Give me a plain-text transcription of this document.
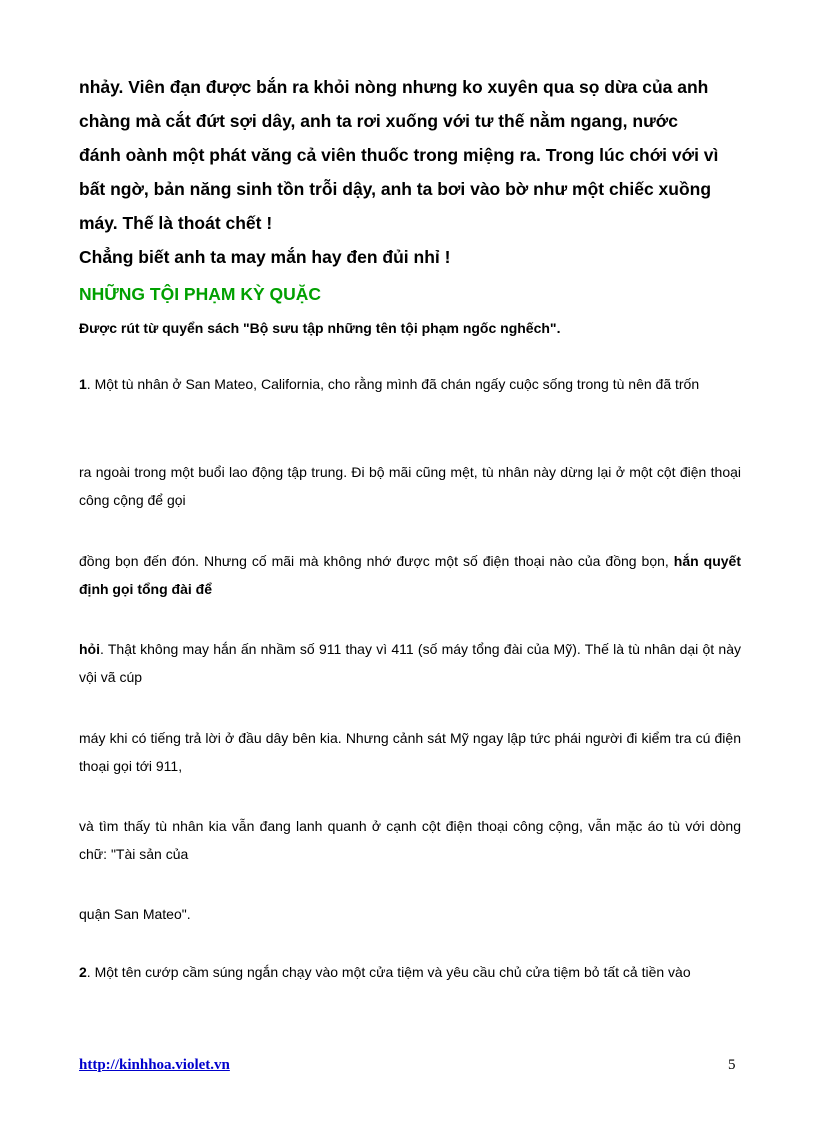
nhảy. Viên đạn được bắn ra khỏi nòng nhưng ko xuyên qua sọ dừa của anh

chàng mà cắt đứt sợi dây, anh ta rơi xuống với tư thế nằm ngang, nước

đánh oành một phát văng cả viên thuốc trong miệng ra. Trong lúc chới với vì

bất ngờ, bản năng sinh tồn trỗi dậy, anh ta bơi vào bờ như một chiếc xuồng

máy. Thế là thoát chết !

Chẳng biết anh ta may mắn hay đen đủi nhỉ !

NHỮNG TỘI PHẠM KỲ QUẶC

Được rút từ quyển sách "Bộ sưu tập những tên tội phạm ngốc nghếch".

1. Một tù nhân ở San Mateo, California, cho rằng mình đã chán ngấy cuộc sống trong tù nên đã trốn

ra ngoài trong một buổi lao động tập trung. Đi bộ mãi cũng mệt, tù nhân này dừng lại ở một cột điện thoại công cộng để gọi

đồng bọn đến đón. Nhưng cố mãi mà không nhớ được một số điện thoại nào của đồng bọn, hắn quyết định gọi tổng đài để

hỏi. Thật không may hắn ấn nhầm số 911 thay vì 411 (số máy tổng đài của Mỹ). Thế là tù nhân dại ột này vội vã cúp

máy khi có tiếng trả lời ở đầu dây bên kia. Nhưng cảnh sát Mỹ ngay lập tức phái người đi kiểm tra cú điện thoại gọi tới 911,

và tìm thấy tù nhân kia vẫn đang lanh quanh ở cạnh cột điện thoại công cộng, vẫn mặc áo tù với dòng chữ: "Tài sản của

quận San Mateo".

2. Một tên cướp cầm súng ngắn chạy vào một cửa tiệm và yêu cầu chủ cửa tiệm bỏ tất cả tiền vào

http://kinhhoa.violet.vn	5
